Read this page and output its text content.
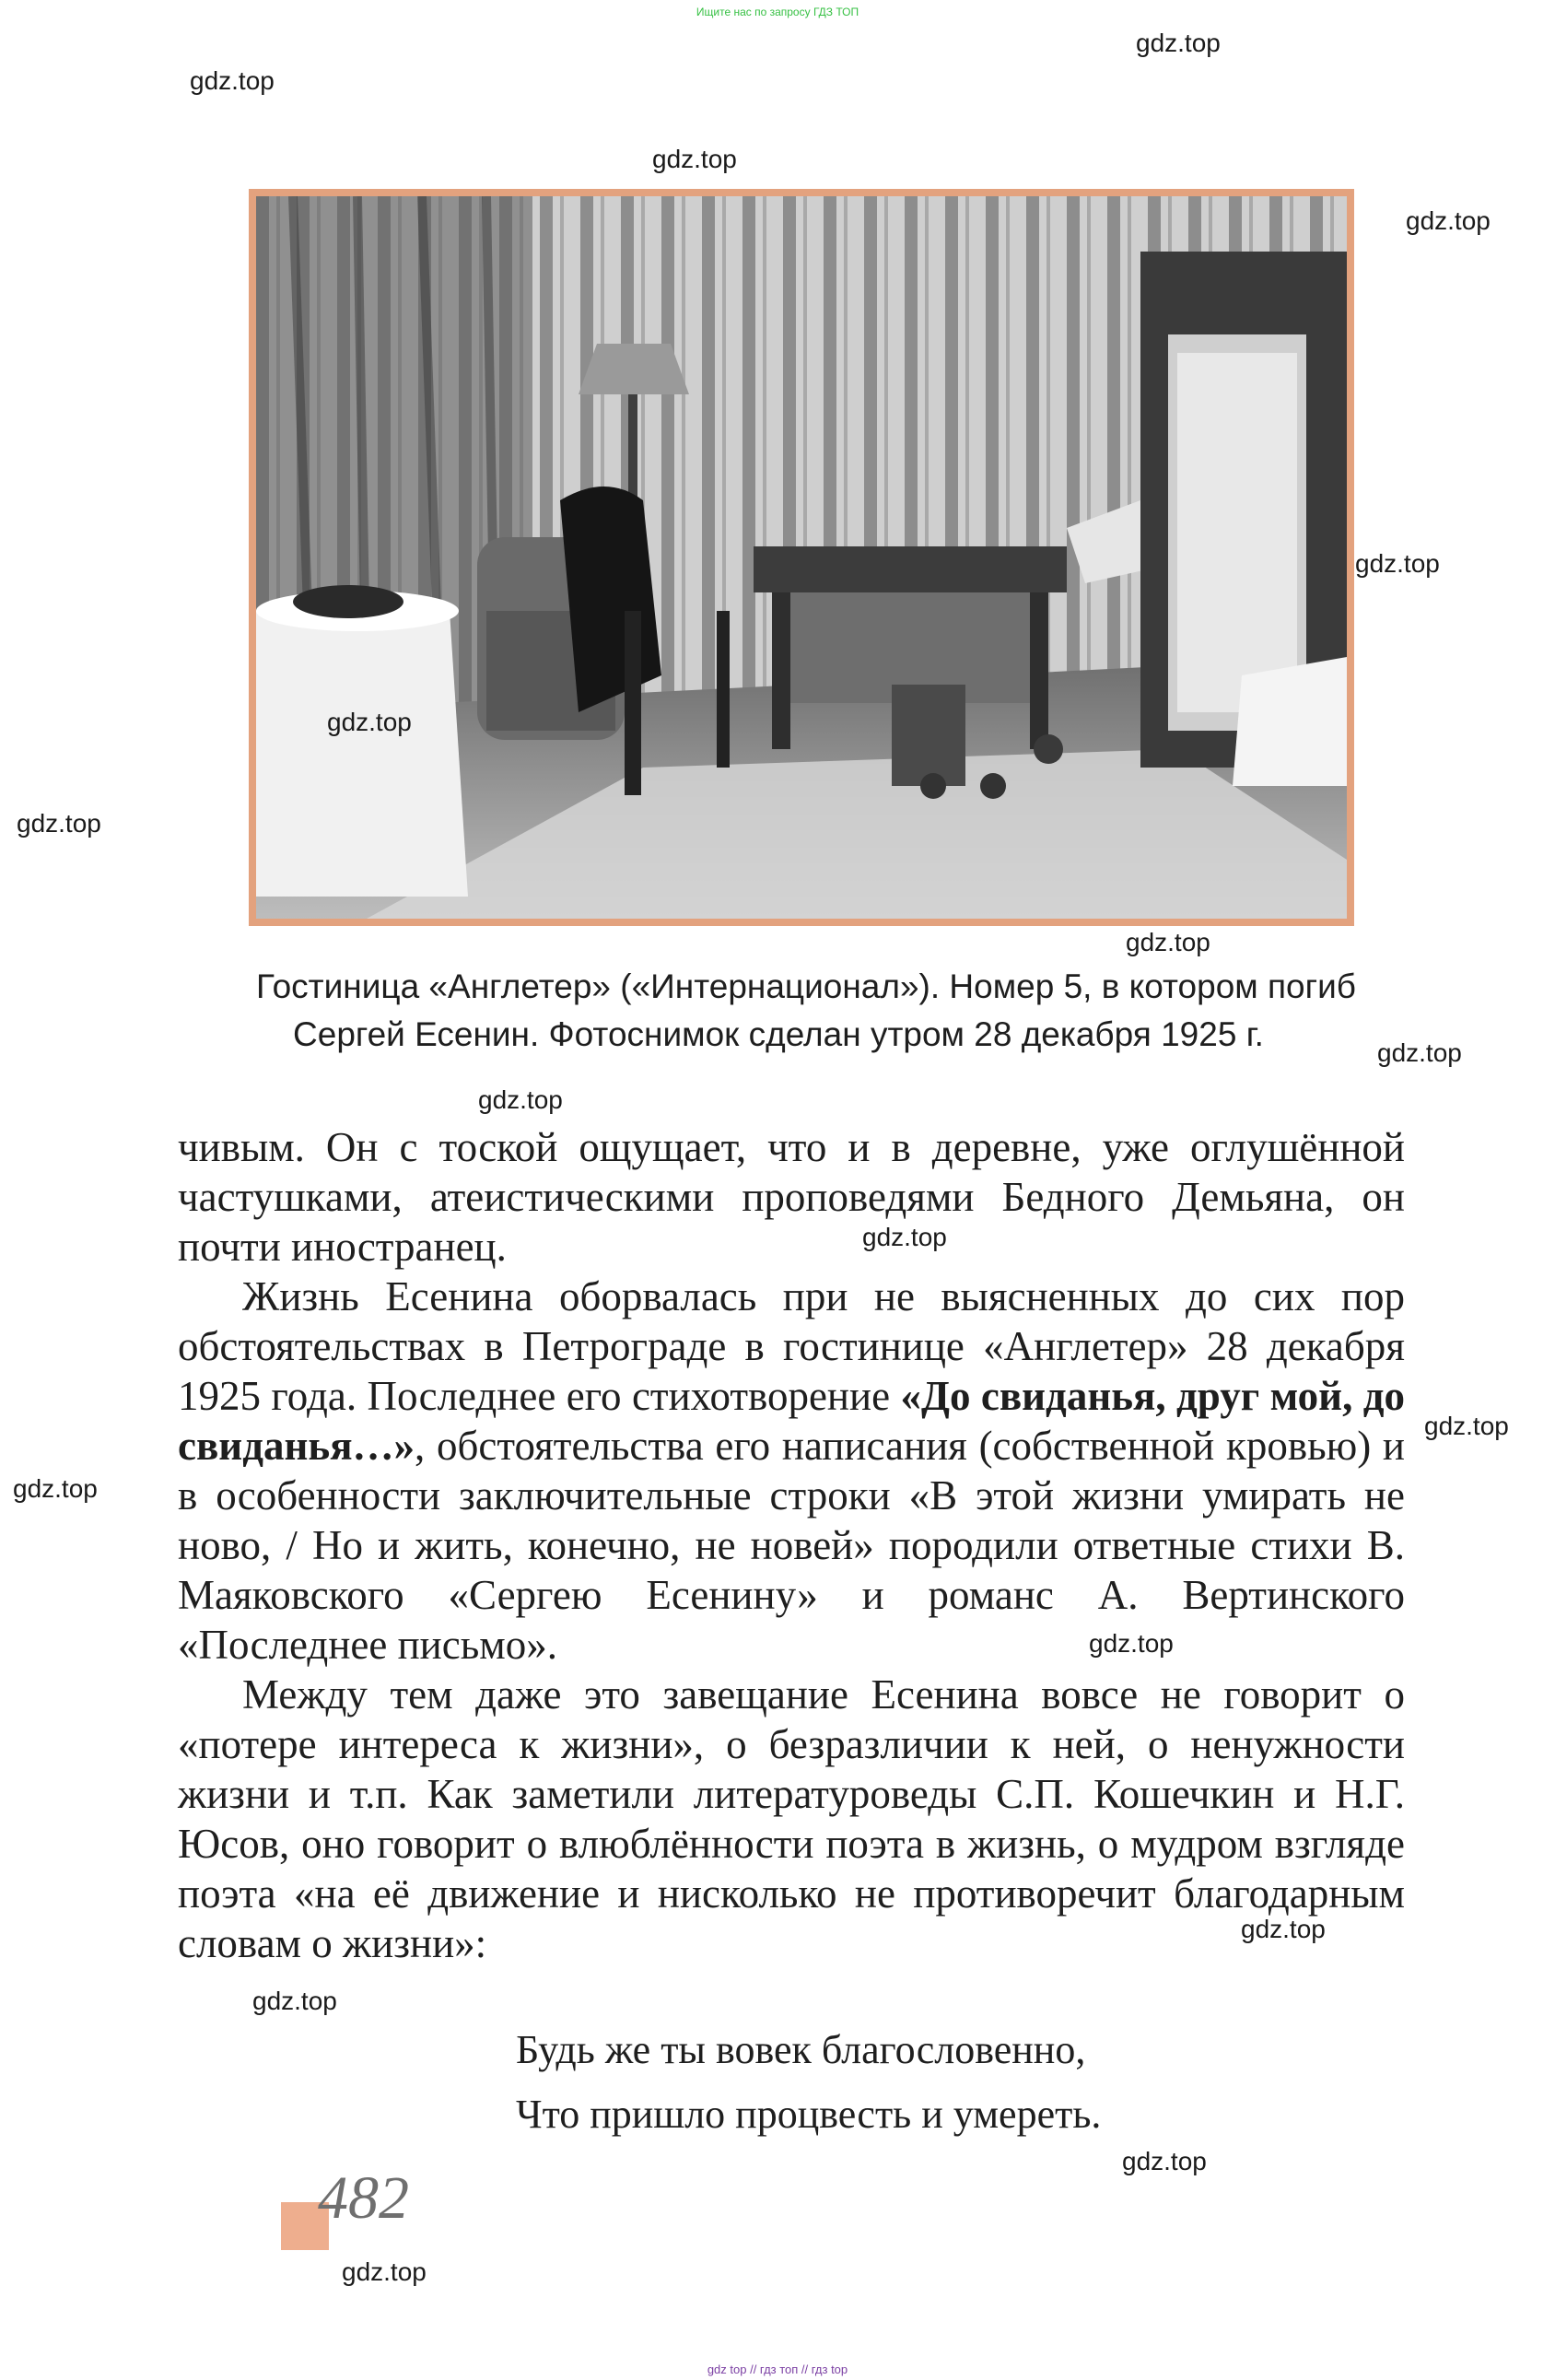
Ищите нас по запросу ГДЗ ТОП
gdz.top
gdz.top
gdz.top
gdz.top
gdz.top
gdz.top
gdz.top
gdz.top
gdz.top
gdz.top
gdz.top
gdz.top
gdz.top
gdz.top
gdz.top
gdz.top
gdz.top
gdz.top
Гостиница «Англетер» («Интернационал»). Номер 5, в котором погиб
Сергей Есенин. Фотоснимок сделан утром 28 декабря 1925 г.

чивым. Он с тоской ощущает, что и в деревне, уже оглушённой частушками, атеистическими проповедями Бедного Демьяна, он почти иностранец.

Жизнь Есенина оборвалась при не выясненных до сих пор обстоятельствах в Петрограде в гостинице «Англетер» 28 декабря 1925 года. Последнее его стихотворение «До свиданья, друг мой, до свиданья…», обстоятельства его написания (собственной кровью) и в особенности заключительные строки «В этой жизни умирать не ново, / Но и жить, конечно, не новей» породили ответные стихи В. Маяковского «Сергею Есенину» и романс А. Вертинского «Последнее письмо».

Между тем даже это завещание Есенина вовсе не говорит о «потере интереса к жизни», о безразличии к ней, о ненужности жизни и т.п. Как заметили литературоведы С.П. Кошечкин и Н.Г. Юсов, оно говорит о влюблённости поэта в жизнь, о мудром взгляде поэта «на её движение и нисколько не противоречит благодарным словам о жизни»:

Будь же ты вовек благословенно,
Что пришло процвесть и умереть.
482
gdz top // гдз топ // гдз top
